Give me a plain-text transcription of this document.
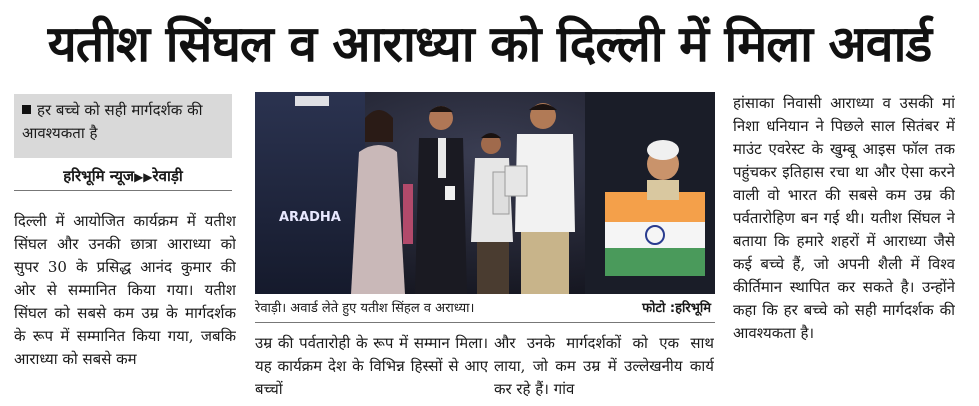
यतीश सिंघल व आराध्या को दिल्ली में मिला अवार्ड
हर बच्चे को सही मार्गदर्शक की आवश्यकता है
हरिभूमि न्यूज▶▶रेवाड़ी

दिल्ली में आयोजित कार्यक्रम में यतीश सिंघल और उनकी छात्रा आराध्या को सुपर 30 के प्रसिद्ध आनंद कुमार की ओर से सम्मानित किया गया। यतीश सिंघल को सबसे कम उम्र के मार्गदर्शक के रूप में सम्मानित किया गया, जबकि आराध्या को सबसे कम

ARADHA
रेवाड़ी। अवार्ड लेते हुए यतीश सिंहल व अराध्या।	फोटो :हरिभूमि

उम्र की पर्वतारोही के रूप में सम्मान मिला। यह कार्यक्रम देश के विभिन्न हिस्सों से आए बच्चों

और उनके मार्गदर्शकों को एक साथ लाया, जो कम उम्र में उल्लेखनीय कार्य कर रहे हैं। गांव

हांसाका निवासी आराध्या व उसकी मां निशा धनियान ने पिछले साल सितंबर में माउंट एवरेस्ट के खुम्बू आइस फॉल तक पहुंचकर इतिहास रचा था और ऐसा करने वाली वो भारत की सबसे कम उम्र की पर्वतारोहिण बन गई थी। यतीश सिंघल ने बताया कि हमारे शहरों में आराध्या जैसे कई बच्चे हैं, जो अपनी शैली में विश्व कीर्तिमान स्थापित कर सकते है। उन्होंने कहा कि हर बच्चे को सही मार्गदर्शक की आवश्यकता है।
